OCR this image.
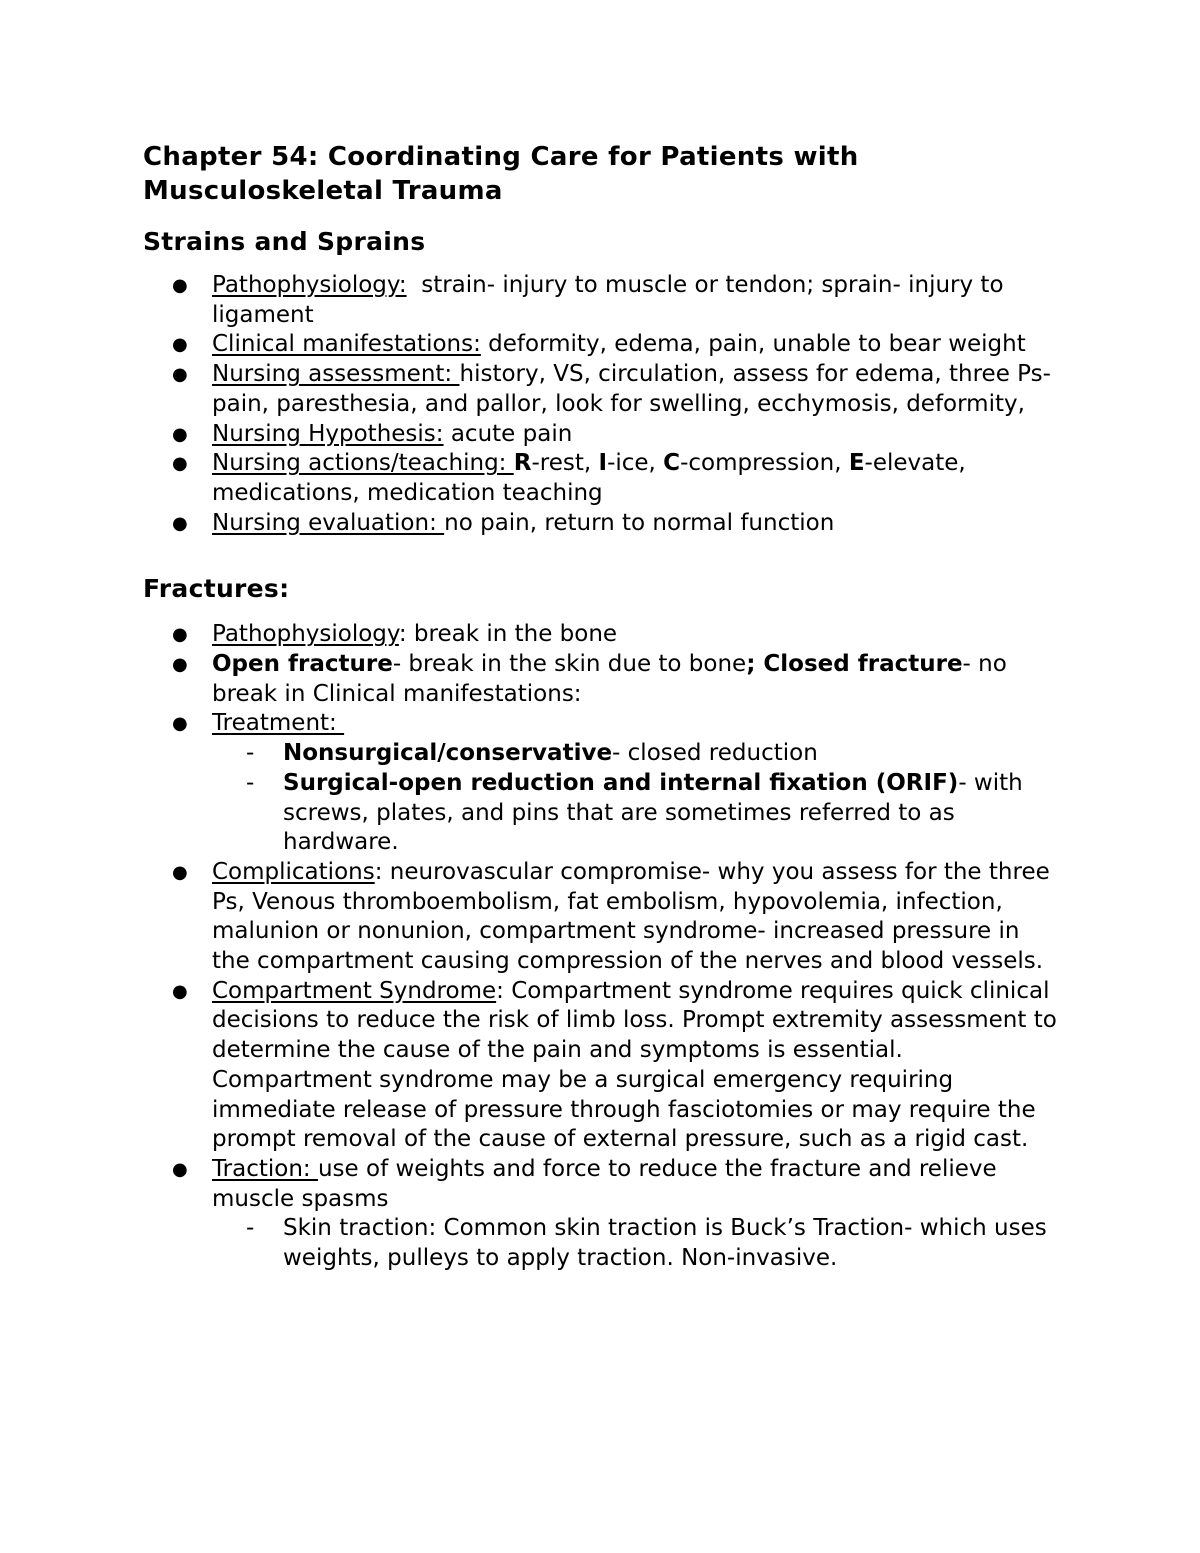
Chapter 54: Coordinating Care for Patients with
Musculoskeletal Trauma
Strains and Sprains
● Pathophysiology:  strain- injury to muscle or tendon; sprain- injury to ligament
● Clinical manifestations: deformity, edema, pain, unable to bear weight
● Nursing assessment: history, VS, circulation, assess for edema, three Ps- pain, paresthesia, and pallor, look for swelling, ecchymosis, deformity,
● Nursing Hypothesis: acute pain
● Nursing actions/teaching: R-rest, I-ice, C-compression, E-elevate, medications, medication teaching
● Nursing evaluation: no pain, return to normal function
Fractures:
● Pathophysiology: break in the bone
● Open fracture- break in the skin due to bone; Closed fracture- no break in Clinical manifestations:
● Treatment:
- Nonsurgical/conservative- closed reduction
- Surgical-open reduction and internal fixation (ORIF)- with screws, plates, and pins that are sometimes referred to as hardware.
● Complications: neurovascular compromise- why you assess for the three Ps, Venous thromboembolism, fat embolism, hypovolemia, infection, malunion or nonunion, compartment syndrome- increased pressure in the compartment causing compression of the nerves and blood vessels.
● Compartment Syndrome: Compartment syndrome requires quick clinical decisions to reduce the risk of limb loss. Prompt extremity assessment to determine the cause of the pain and symptoms is essential. Compartment syndrome may be a surgical emergency requiring immediate release of pressure through fasciotomies or may require the prompt removal of the cause of external pressure, such as a rigid cast.
● Traction: use of weights and force to reduce the fracture and relieve muscle spasms
- Skin traction: Common skin traction is Buck’s Traction- which uses weights, pulleys to apply traction. Non-invasive.
